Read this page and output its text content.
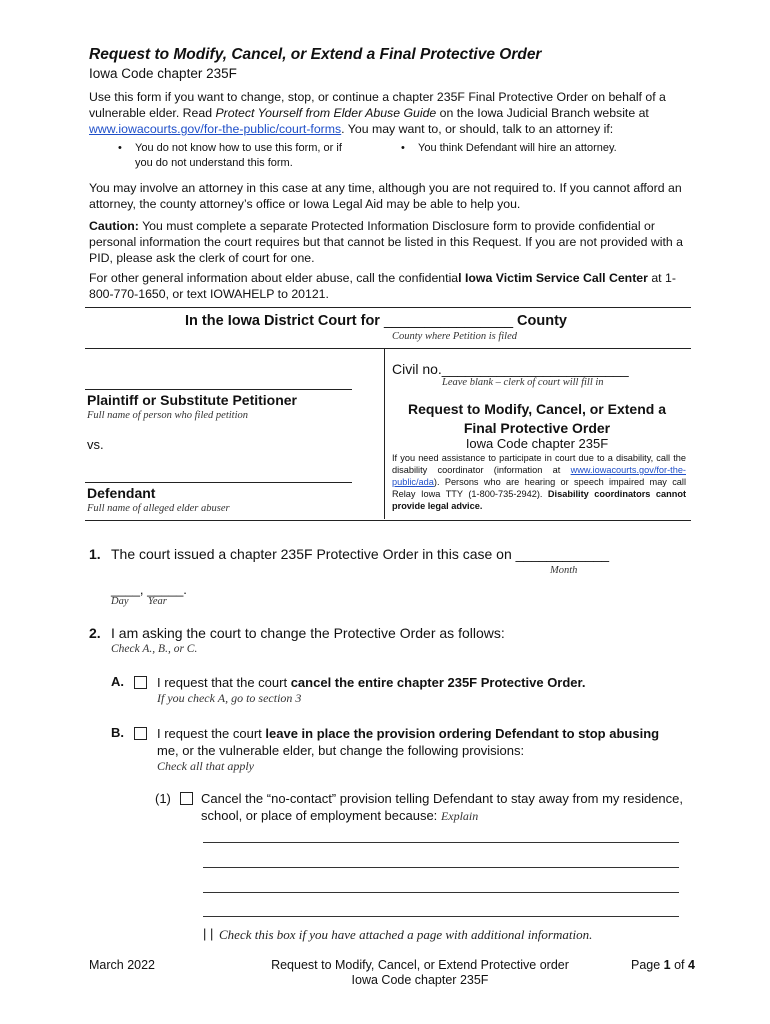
Request to Modify, Cancel, or Extend a Final Protective Order
Iowa Code chapter 235F
Use this form if you want to change, stop, or continue a chapter 235F Final Protective Order on behalf of a vulnerable elder. Read Protect Yourself from Elder Abuse Guide on the Iowa Judicial Branch website at www.iowacourts.gov/for-the-public/court-forms. You may want to, or should, talk to an attorney if:
• You do not know how to use this form, or if you do not understand this form.
• You think Defendant will hire an attorney.
You may involve an attorney in this case at any time, although you are not required to. If you cannot afford an attorney, the county attorney’s office or Iowa Legal Aid may be able to help you.
Caution: You must complete a separate Protected Information Disclosure form to provide confidential or personal information the court requires but that cannot be listed in this Request. If you are not provided with a PID, please ask the clerk of court for one.
For other general information about elder abuse, call the confidential Iowa Victim Service Call Center at 1-800-770-1650, or text IOWAHELP to 20121.
In the Iowa District Court for ________________ County
County where Petition is filed
Civil no.________________________
Leave blank – clerk of court will fill in
Plaintiff or Substitute Petitioner
Full name of person who filed petition
vs.
Defendant
Full name of alleged elder abuser
Request to Modify, Cancel, or Extend a Final Protective Order
Iowa Code chapter 235F
If you need assistance to participate in court due to a disability, call the disability coordinator (information at www.iowacourts.gov/for-the-public/ada). Persons who are hearing or speech impaired may call Relay Iowa TTY (1-800-735-2942). Disability coordinators cannot provide legal advice.
1. The court issued a chapter 235F Protective Order in this case on ____________
Month
____, _____.
Day Year
2. I am asking the court to change the Protective Order as follows:
Check A., B., or C.
A.	I request that the court cancel the entire chapter 235F Protective Order.
If you check A, go to section 3
B.	I request the court leave in place the provision ordering Defendant to stop abusing
me, or the vulnerable elder, but change the following provisions:
Check all that apply
(1) Cancel the “no-contact” provision telling Defendant to stay away from my residence, school, or place of employment because: Explain
| | Check this box if you have attached a page with additional information.
March 2022	Request to Modify, Cancel, or Extend Protective order
Iowa Code chapter 235F
Page 1 of 4
